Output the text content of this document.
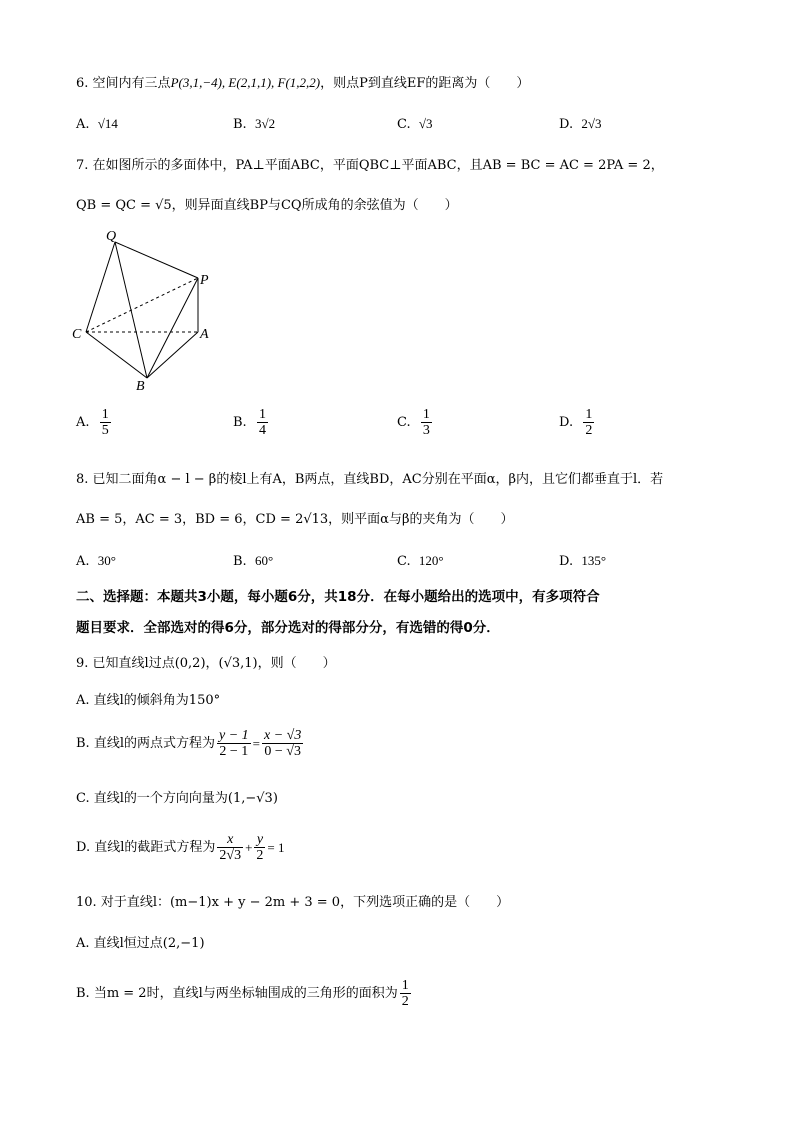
6. 空间内有三点P(3,1,−4), E(2,1,1), F(1,2,2)，则点P到直线EF的距离为（　　）
A. √14	B. 3√2	C. √3	D. 2√3
7. 在如图所示的多面体中，PA⊥平面ABC，平面QBC⊥平面ABC，且AB = BC = AC = 2PA = 2，
QB = QC = √5，则异面直线BP与CQ所成角的余弦值为（　　）
Q
P
C	A
B
A. $\frac{1}{5}$	B. $\frac{1}{4}$	C. $\frac{1}{3}$	D. $\frac{1}{2}$
8. 已知二面角α − l − β的棱l上有A，B两点，直线BD，AC分别在平面α，β内，且它们都垂直于l．若
AB = 5，AC = 3，BD = 6，CD = 2√13，则平面α与β的夹角为（　　）
A. 30°	B. 60°	C. 120°	D. 135°
二、选择题：本题共3小题，每小题6分，共18分．在每小题给出的选项中，有多项符合
题目要求．全部选对的得6分，部分选对的得部分分，有选错的得0分．
9. 已知直线l过点(0,2)，(√3,1)，则（　　）
A. 直线l的倾斜角为150°
B. 直线l的两点式方程为 $\frac{y - 1}{2 - 1} = \frac{x - √3}{0 - √3}$
C. 直线l的一个方向向量为(1,−√3)
D. 直线l的截距式方程为 $\frac{x}{2√3} + \frac{y}{2} = 1$
10. 对于直线l：(m−1)x + y − 2m + 3 = 0，下列选项正确的是（　　）
A. 直线l恒过点(2,−1)
B. 当m = 2时，直线l与两坐标轴围成的三角形的面积为 $\frac{1}{2}$
